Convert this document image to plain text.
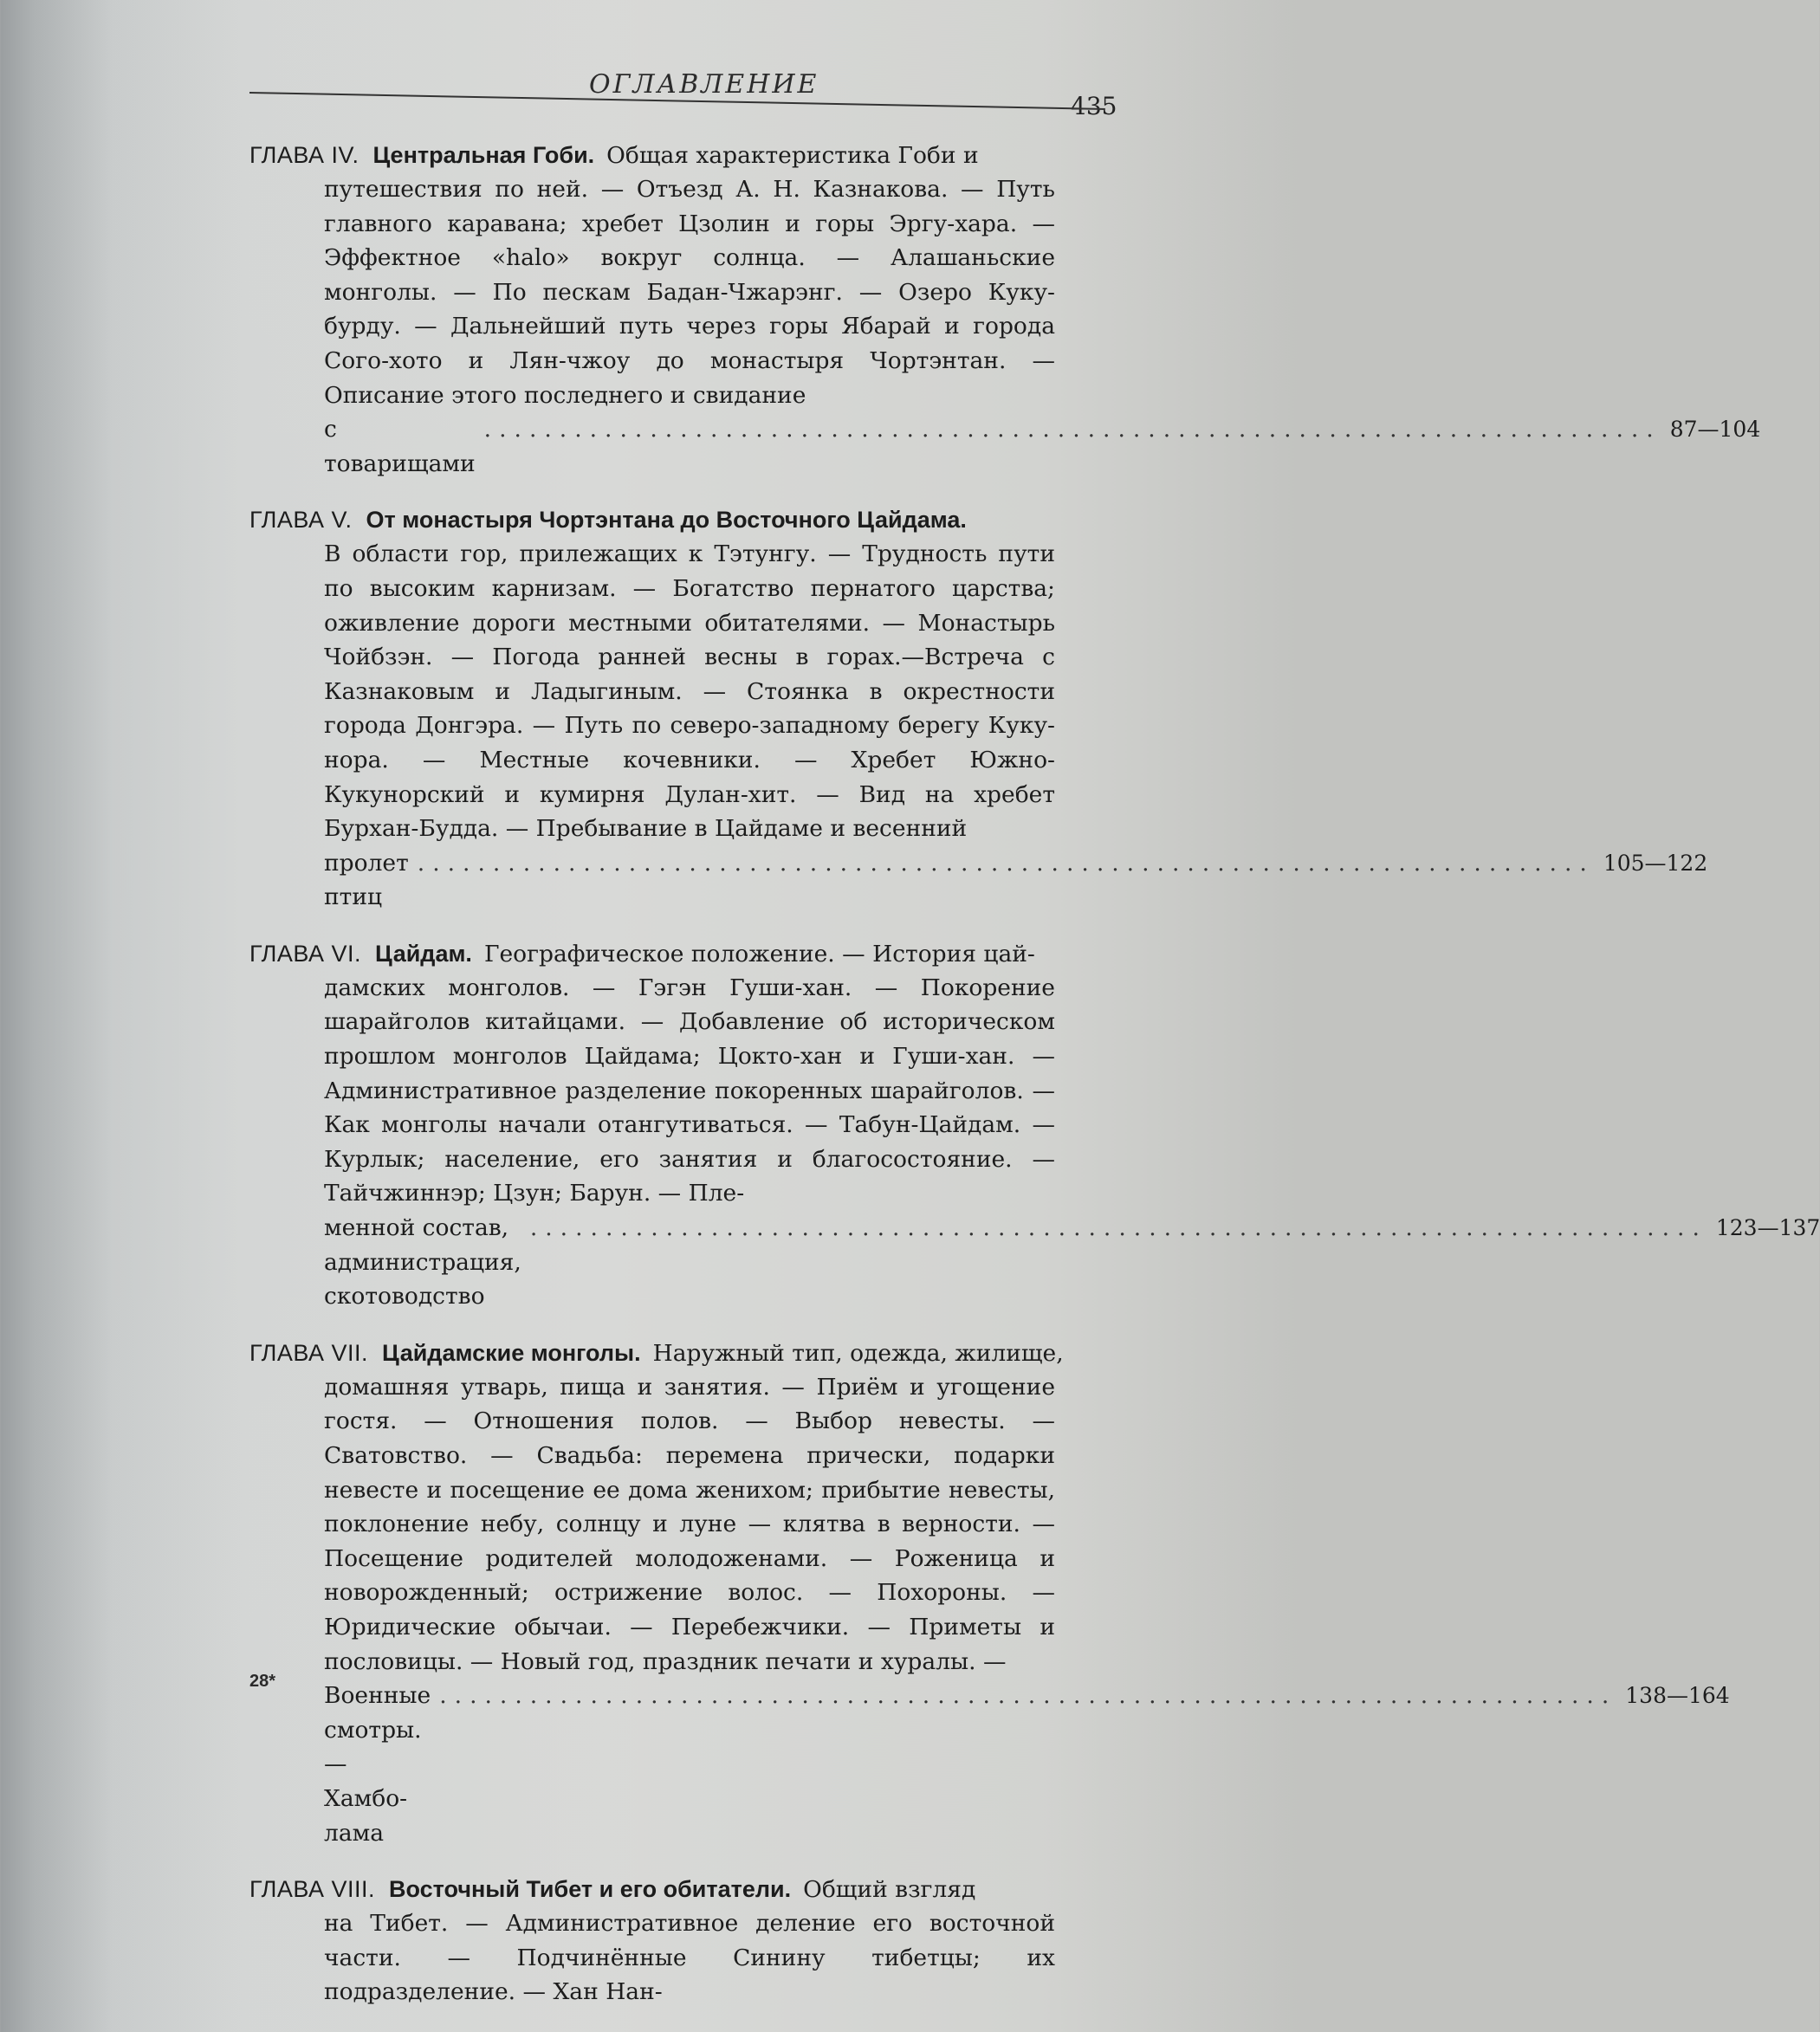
ОГЛАВЛЕНИЕ
435
ГЛАВА IV. Центральная Гоби. Общая характеристика Гоби и
путешествия по ней. — Отъезд А. Н. Казнакова. — Путь главного каравана; хребет Цзолин и горы Эргу-хара. — Эффектное «halo» вокруг солнца. — Алашаньские монголы. — По пескам Бадан-Чжарэнг. — Озеро Куку-бурду. — Дальнейший путь через горы Ябарай и города Сого-хото и Лян-чжоу до монастыря Чортэнтан. — Описание этого последнего и свидание
с товарищами
.............................................................................. 87—104
ГЛАВА V. От монастыря Чортэнтана до Восточного Цайдама.
В области гор, прилежащих к Тэтунгу. — Трудность пути по высоким карнизам. — Богатство пернатого царства; оживление дороги местными обитателями. — Монастырь Чойбзэн. — Погода ранней весны в горах.—Встреча с Казнаковым и Ладыгиным. — Стоянка в окрестности города Донгэра. — Путь по северо-западному берегу Куку-нора. — Местные кочевники. — Хребет Южно-Кукунорский и кумирня Дулан-хит. — Вид на хребет Бурхан-Будда. — Пребывание в Цайдаме и весенний
пролет птиц
.............................................................................. 105—122
ГЛАВА VI. Цайдам. Географическое положение. — История цай-
дамских монголов. — Гэгэн Гуши-хан. — Покорение шарайголов китайцами. — Добавление об историческом прошлом монголов Цайдама; Цокто-хан и Гуши-хан. — Административное разделение покоренных шарайголов. — Как монголы начали отангутиваться. — Табун-Цайдам. — Курлык; население, его занятия и благосостояние. — Тайчжиннэр; Цзун; Барун. — Пле-
менной состав, администрация, скотоводство
.............................................................................. 123—137
ГЛАВА VII. Цайдамские монголы. Наружный тип, одежда, жилище,
домашняя утварь, пища и занятия. — Приём и угощение гостя. — Отношения полов. — Выбор невесты. — Сватовство. — Свадьба: перемена прически, подарки невесте и посещение ее дома женихом; прибытие невесты, поклонение небу, солнцу и луне — клятва в верности. — Посещение родителей молодоженами. — Роженица и новорожденный; острижение волос. — Похороны. — Юридические обычаи. — Перебежчики. — Приметы и пословицы. — Новый год, праздник печати и хуралы. —
Военные смотры. — Хамбо-лама
.............................................................................. 138—164
ГЛАВА VIII. Восточный Тибет и его обитатели. Общий взгляд
на Тибет. — Административное деление его восточной части. — Подчинённые Синину тибетцы; их подразделение. — Хан Нан-
28*
